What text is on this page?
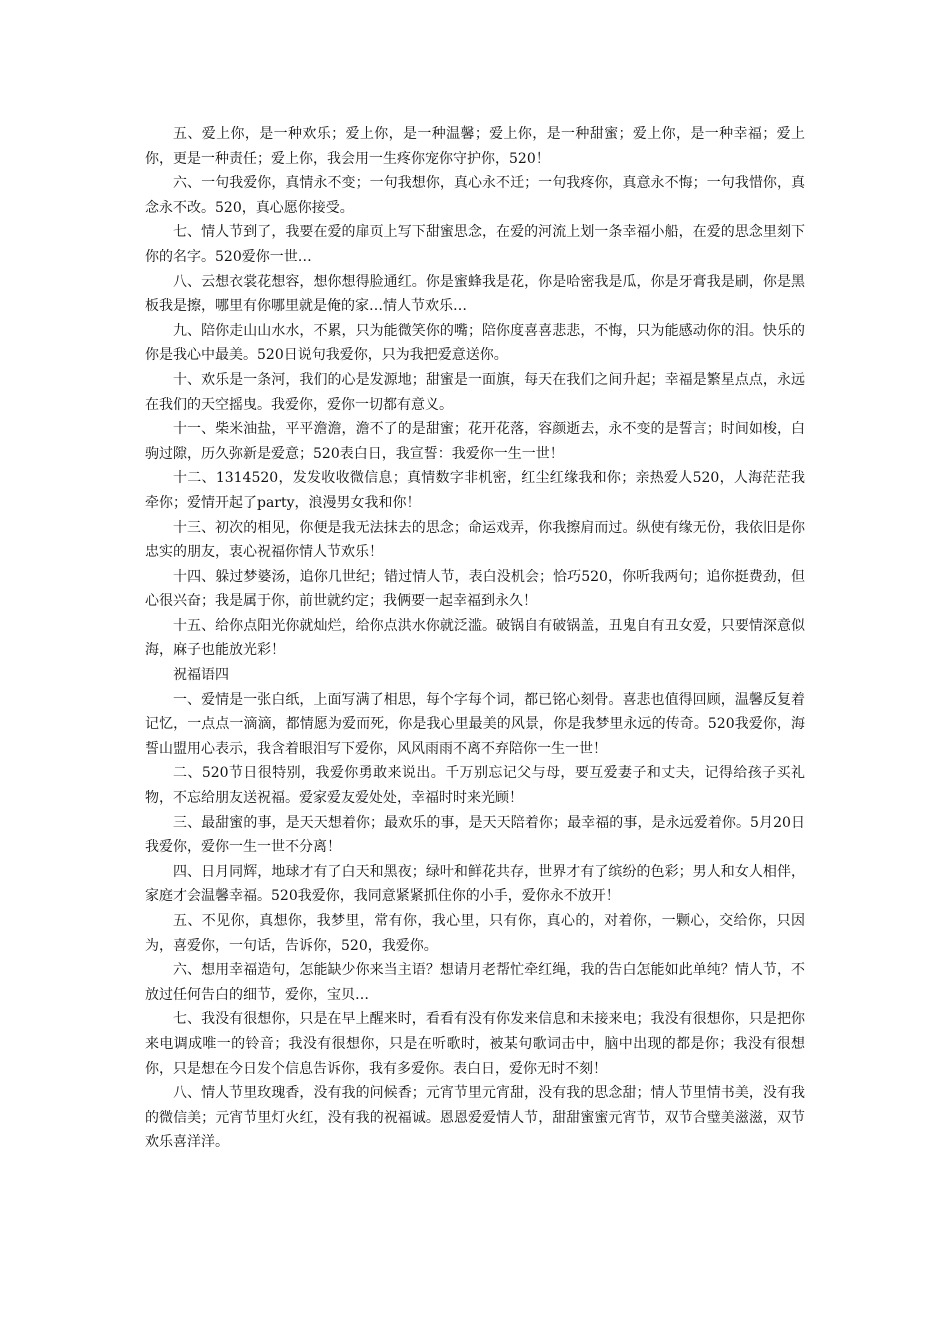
五、爱上你，是一种欢乐；爱上你，是一种温馨；爱上你，是一种甜蜜；爱上你，是一种幸福；爱上你，更是一种责任；爱上你，我会用一生疼你宠你守护你，520！

六、一句我爱你，真情永不变；一句我想你，真心永不迁；一句我疼你，真意永不悔；一句我惜你，真念永不改。520，真心愿你接受。

七、情人节到了，我要在爱的扉页上写下甜蜜思念，在爱的河流上划一条幸福小船，在爱的思念里刻下你的名字。520爱你一世…

八、云想衣裳花想容，想你想得脸通红。你是蜜蜂我是花，你是哈密我是瓜，你是牙膏我是刷，你是黑板我是擦，哪里有你哪里就是俺的家…情人节欢乐…

九、陪你走山山水水，不累，只为能微笑你的嘴；陪你度喜喜悲悲，不悔，只为能感动你的泪。快乐的你是我心中最美。520日说句我爱你，只为我把爱意送你。

十、欢乐是一条河，我们的心是发源地；甜蜜是一面旗，每天在我们之间升起；幸福是繁星点点，永远在我们的天空摇曳。我爱你，爱你一切都有意义。

十一、柴米油盐，平平澹澹，澹不了的是甜蜜；花开花落，容颜逝去，永不变的是誓言；时间如梭，白驹过隙，历久弥新是爱意；520表白日，我宣誓：我爱你一生一世！

十二、1314520，发发收收微信息；真情数字非机密，红尘红缘我和你；亲热爱人520，人海茫茫我牵你；爱情开起了party，浪漫男女我和你！

十三、初次的相见，你便是我无法抹去的思念；命运戏弄，你我擦肩而过。纵使有缘无份，我依旧是你忠实的朋友，衷心祝福你情人节欢乐！

十四、躲过梦婆汤，追你几世纪；错过情人节，表白没机会；恰巧520，你听我两句；追你挺费劲，但心很兴奋；我是属于你，前世就约定；我俩要一起幸福到永久！

十五、给你点阳光你就灿烂，给你点洪水你就泛滥。破锅自有破锅盖，丑鬼自有丑女爱，只要情深意似海，麻子也能放光彩！

祝福语四

一、爱情是一张白纸，上面写满了相思，每个字每个词，都已铭心刻骨。喜悲也值得回顾，温馨反复着记忆，一点点一滴滴，都情愿为爱而死，你是我心里最美的风景，你是我梦里永远的传奇。520我爱你，海誓山盟用心表示，我含着眼泪写下爱你，风风雨雨不离不弃陪你一生一世！

二、520节日很特别，我爱你勇敢来说出。千万别忘记父与母，要互爱妻子和丈夫，记得给孩子买礼物，不忘给朋友送祝福。爱家爱友爱处处，幸福时时来光顾！

三、最甜蜜的事，是天天想着你；最欢乐的事，是天天陪着你；最幸福的事，是永远爱着你。5月20日我爱你，爱你一生一世不分离！

四、日月同辉，地球才有了白天和黑夜；绿叶和鲜花共存，世界才有了缤纷的色彩；男人和女人相伴，家庭才会温馨幸福。520我爱你，我同意紧紧抓住你的小手，爱你永不放开！

五、不见你，真想你，我梦里，常有你，我心里，只有你，真心的，对着你，一颗心，交给你，只因为，喜爱你，一句话，告诉你，520，我爱你。

六、想用幸福造句，怎能缺少你来当主语？想请月老帮忙牵红绳，我的告白怎能如此单纯？情人节，不放过任何告白的细节，爱你，宝贝…

七、我没有很想你，只是在早上醒来时，看看有没有你发来信息和未接来电；我没有很想你，只是把你来电调成唯一的铃音；我没有很想你，只是在听歌时，被某句歌词击中，脑中出现的都是你；我没有很想你，只是想在今日发个信息告诉你，我有多爱你。表白日，爱你无时不刻！

八、情人节里玫瑰香，没有我的问候香；元宵节里元宵甜，没有我的思念甜；情人节里情书美，没有我的微信美；元宵节里灯火红，没有我的祝福诚。恩恩爱爱情人节，甜甜蜜蜜元宵节，双节合璧美滋滋，双节欢乐喜洋洋。
